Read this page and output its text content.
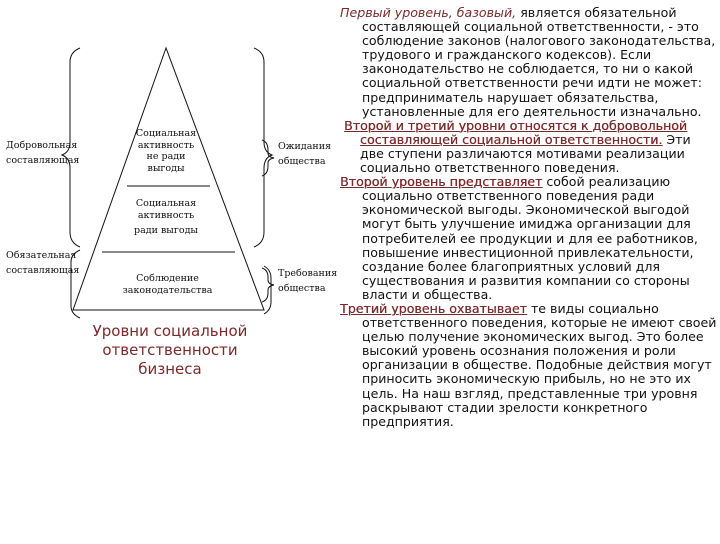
Социальная
активность
не ради выгоды
Социальная активность
ради выгоды
Соблюдение законодательства
Добровольная
составляющая
Обязательная
составляющая
Ожидания
общества
Требования
общества
Уровни социальной
ответственности
бизнеса

Первый уровень, базовый, является обязательной составляющей социальной ответственности, - это соблюдение законов (налогового законодательства, трудового и гражданского кодексов). Если законодательство не соблюдается, то ни о какой социальной ответственности речи идти не может: предприниматель нарушает обязательства, установленные для его деятельности изначально.

Второй и третий уровни относятся к добровольной составляющей социальной ответственности. Эти две ступени различаются мотивами реализации социально ответственного поведения.

Второй уровень представляет собой реализацию социально ответственного поведения ради экономической выгоды. Экономической выгодой могут быть улучшение имиджа организации для потребителей ее продукции и для ее работников, повышение инвестиционной привлекательности, создание более благоприятных условий для существования и развития компании со стороны власти и общества.

Третий уровень охватывает те виды социально ответственного поведения, которые не имеют своей целью получение экономических выгод. Это более высокий уровень осознания положения и роли организации в обществе. Подобные действия могут приносить экономическую прибыль, но не это их цель. На наш взгляд, представленные три уровня раскрывают стадии зрелости конкретного предприятия.
